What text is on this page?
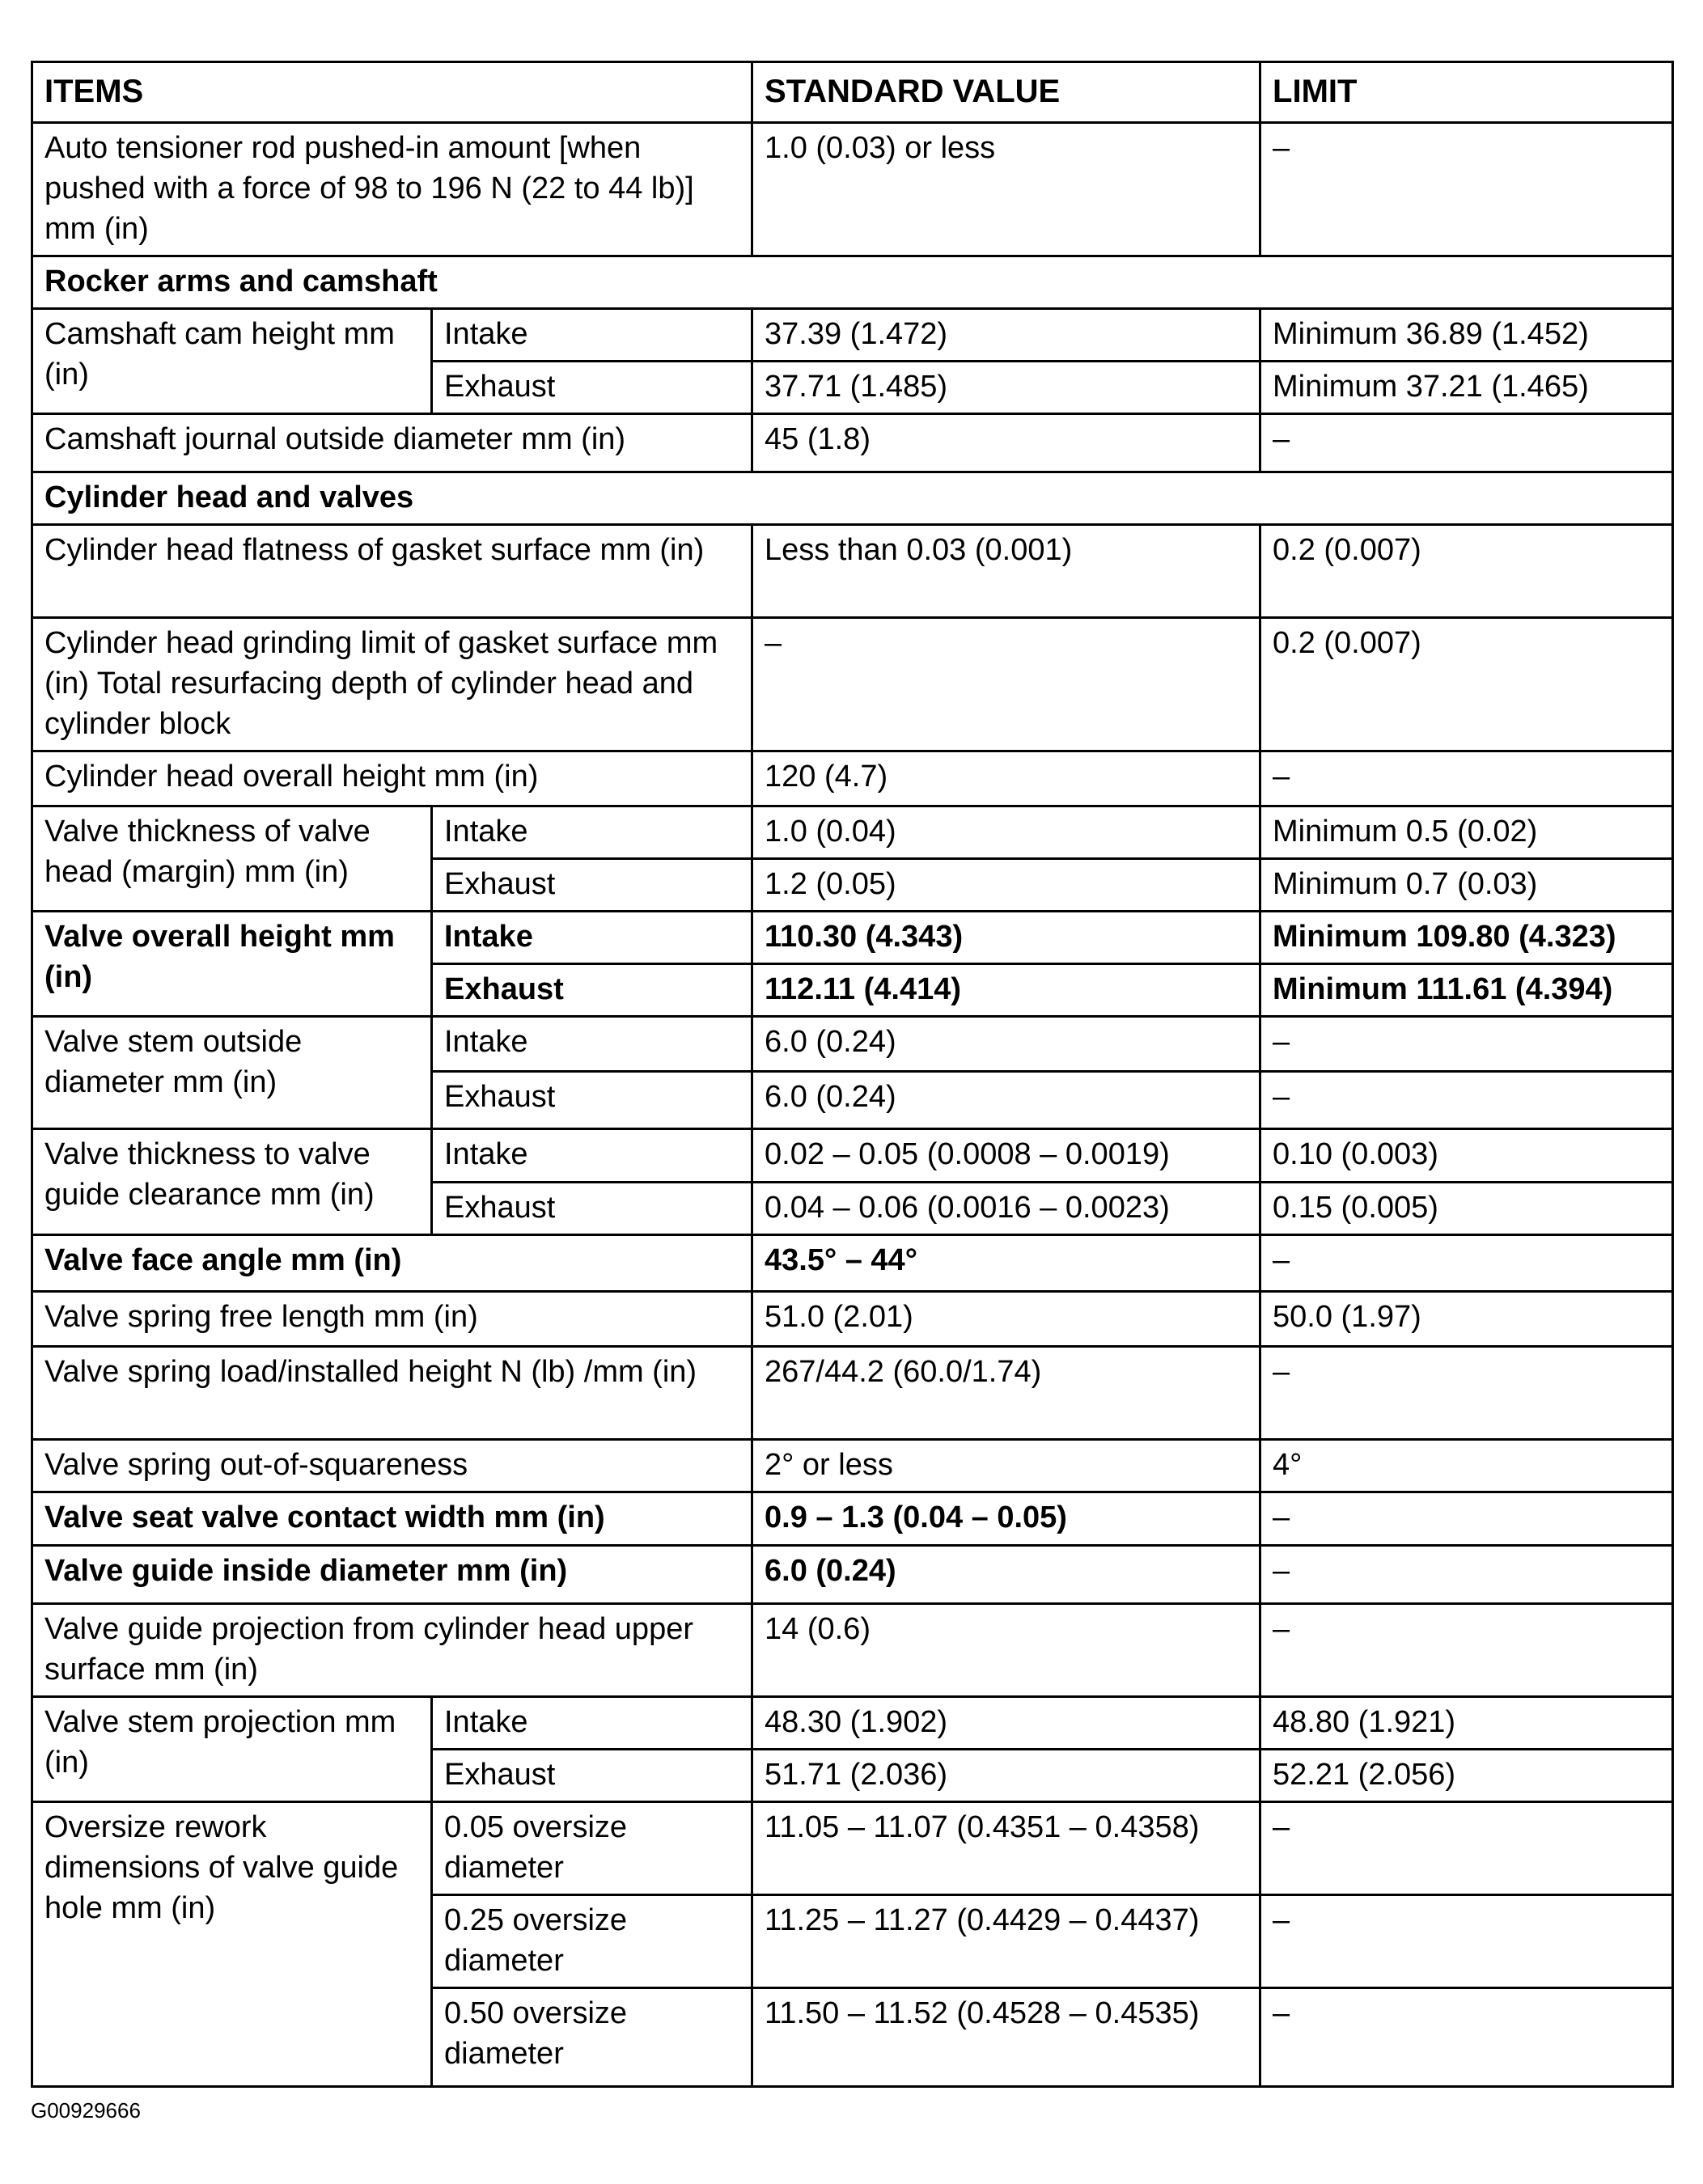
ITEMS		STANDARD VALUE	LIMIT
Auto tensioner rod pushed-in amount [when pushed with a force of 98 to 196 N (22 to 44 lb)] mm (in)		1.0 (0.03) or less	–
Rocker arms and camshaft			
Camshaft cam height mm (in)	Intake	37.39 (1.472)	Minimum 36.89 (1.452)
	Exhaust	37.71 (1.485)	Minimum 37.21 (1.465)
Camshaft journal outside diameter mm (in)		45 (1.8)	–
Cylinder head and valves			
Cylinder head flatness of gasket surface mm (in)		Less than 0.03 (0.001)	0.2 (0.007)
Cylinder head grinding limit of gasket surface mm (in) Total resurfacing depth of cylinder head and cylinder block		–	0.2 (0.007)
Cylinder head overall height mm (in)		120 (4.7)	–
Valve thickness of valve head (margin) mm (in)	Intake	1.0 (0.04)	Minimum 0.5 (0.02)
	Exhaust	1.2 (0.05)	Minimum 0.7 (0.03)
Valve overall height mm (in)	Intake	110.30 (4.343)	Minimum 109.80 (4.323)
	Exhaust	112.11 (4.414)	Minimum 111.61 (4.394)
Valve stem outside diameter mm (in)	Intake	6.0 (0.24)	–
	Exhaust	6.0 (0.24)	–
Valve thickness to valve guide clearance mm (in)	Intake	0.02 – 0.05 (0.0008 – 0.0019)	0.10 (0.003)
	Exhaust	0.04 – 0.06 (0.0016 – 0.0023)	0.15 (0.005)
Valve face angle mm (in)		43.5° – 44°	–
Valve spring free length mm (in)		51.0 (2.01)	50.0 (1.97)
Valve spring load/installed height N (lb) /mm (in)		267/44.2 (60.0/1.74)	–
Valve spring out-of-squareness		2° or less	4°
Valve seat valve contact width mm (in)		0.9 – 1.3 (0.04 – 0.05)	–
Valve guide inside diameter mm (in)		6.0 (0.24)	–
Valve guide projection from cylinder head upper surface mm (in)		14 (0.6)	–
Valve stem projection mm (in)	Intake	48.30 (1.902)	48.80 (1.921)
	Exhaust	51.71 (2.036)	52.21 (2.056)
Oversize rework dimensions of valve guide hole mm (in)	0.05 oversize diameter	11.05 – 11.07 (0.4351 – 0.4358)	–
	0.25 oversize diameter	11.25 – 11.27 (0.4429 – 0.4437)	–
	0.50 oversize diameter	11.50 – 11.52 (0.4528 – 0.4535)	–
G00929666
